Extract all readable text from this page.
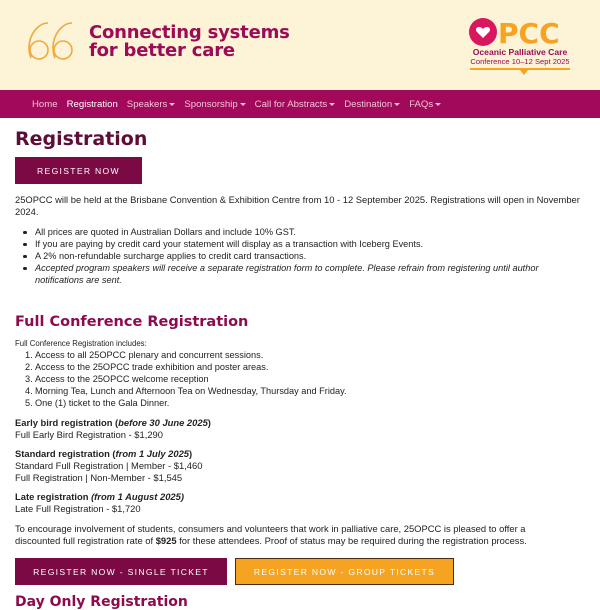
Connecting systems
for better care
PCC
Oceanic Palliative Care
Conference 10–12 Sept 2025
Home Registration Speakers Sponsorship Call for Abstracts Destination FAQs
Registration
REGISTER NOW
25OPCC will be held at the Brisbane Convention & Exhibition Centre from 10 - 12 September 2025. Registrations will open in November
2024.
All prices are quoted in Australian Dollars and include 10% GST.
If you are paying by credit card your statement will display as a transaction with Iceberg Events.
A 2% non-refundable surcharge applies to credit card transactions.
Accepted program speakers will receive a separate registration form to complete. Please refrain from registering until author
notifications are sent.
Full Conference Registration
Full Conference Registration includes:
1. Access to all 25OPCC plenary and concurrent sessions.
2. Access to the 25OPCC trade exhibition and poster areas.
3. Access to the 25OPCC welcome reception
4. Morning Tea, Lunch and Afternoon Tea on Wednesday, Thursday and Friday.
5. One (1) ticket to the Gala Dinner.
Early bird registration (before 30 June 2025)
Full Early Bird Registration - $1,290
Standard registration (from 1 July 2025)
Standard Full Registration | Member - $1,460
Full Registration | Non-Member - $1,545
Late registration (from 1 August 2025)
Late Full Registration - $1,720
To encourage involvement of students, consumers and volunteers that work in palliative care, 25OPCC is pleased to offer a
discounted full registration rate of $925 for these attendees. Proof of status may be required during the registration process.
REGISTER NOW - SINGLE TICKET	REGISTER NOW - GROUP TICKETS
Day Only Registration
